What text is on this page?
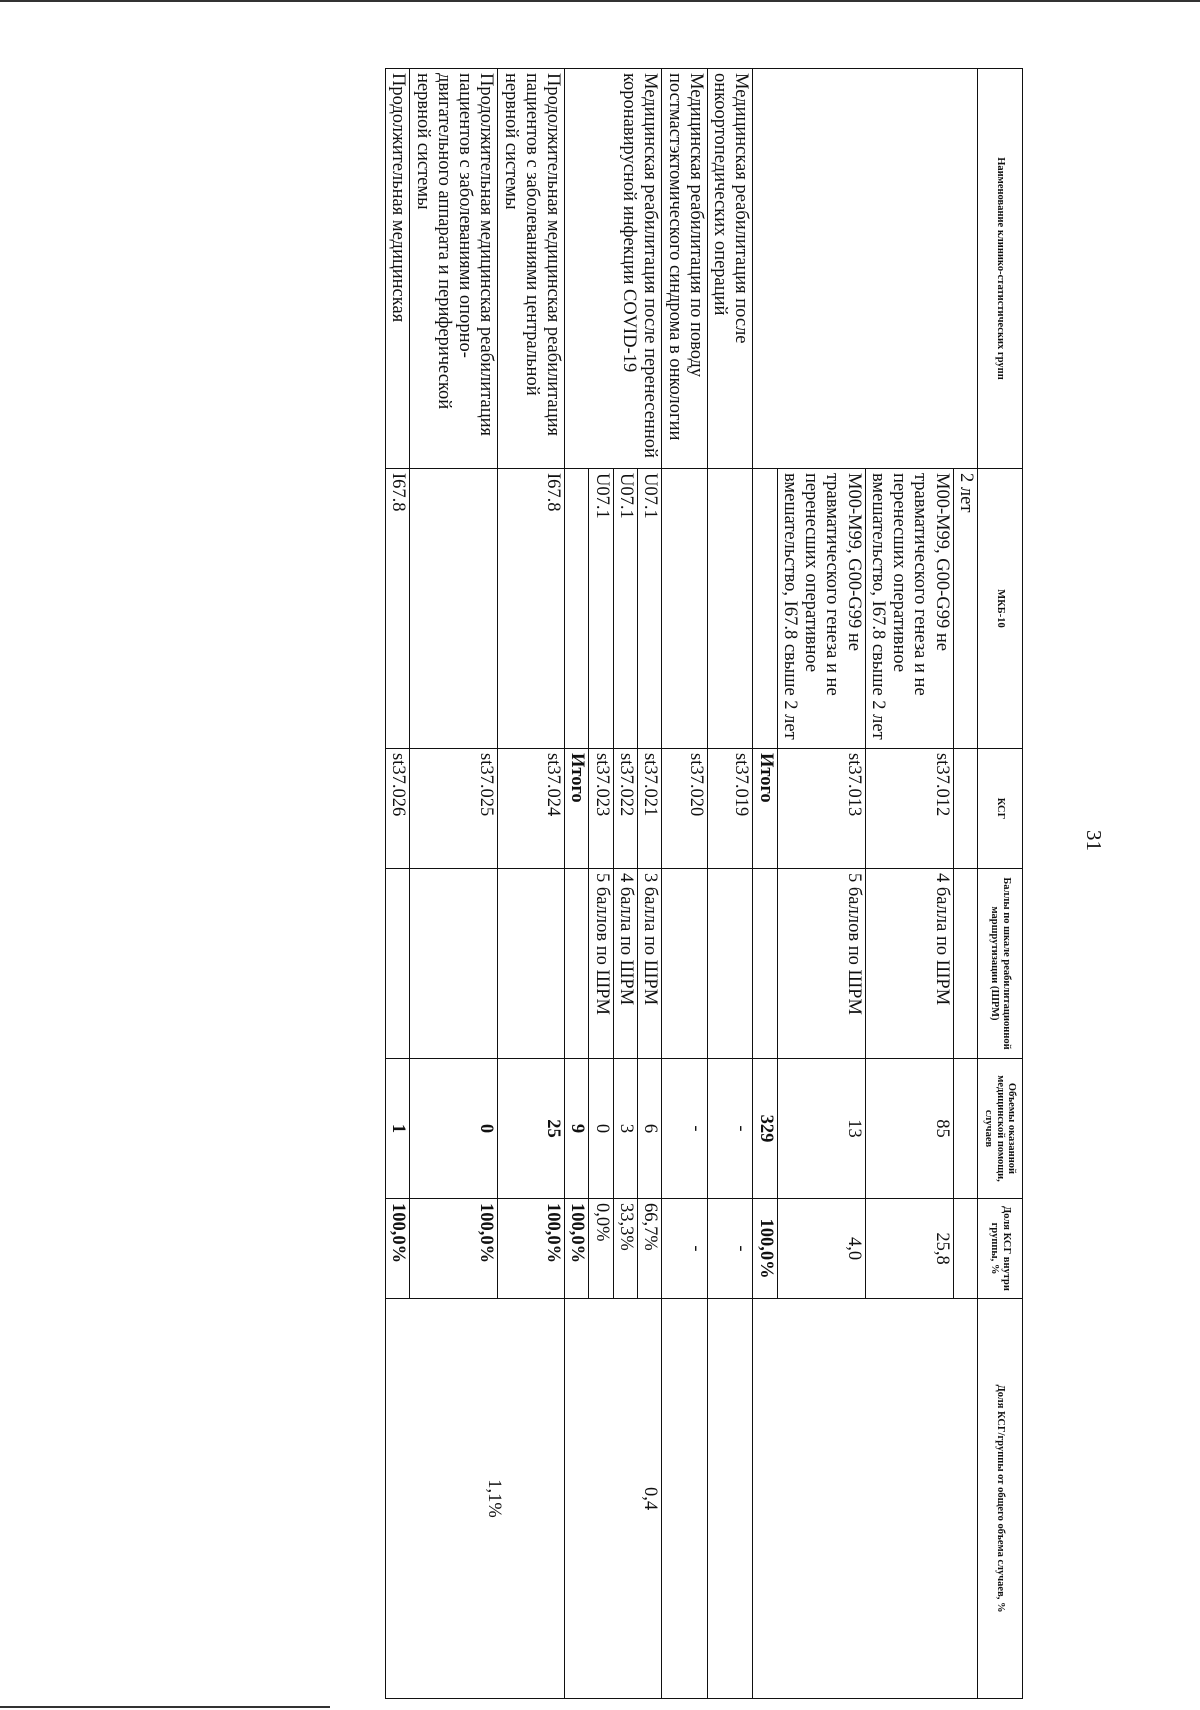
31
Наименование клинико-статистических групп	МКБ-10	КСГ	Баллы по шкале реабилитационной маршрутизации (ШРМ)	Объемы оказанной медицинской помощи, случаев	Доля КСГ внутри группы, %	Доля КСГ/группы от общего объема случаев, %
	2 лет					
	M00-M99, G00-G99 не травматического генеза и не перенесших оперативное вмешательство, I67.8 свыше 2 лет	st37.012	4 балла по ШРМ	85	25,8	
	M00-M99, G00-G99 не травматического генеза и не перенесших оперативное вмешательство, I67.8 свыше 2 лет	st37.013	5 баллов по ШРМ	13	4,0	
		Итого		329	100,0%	
Медицинская реабилитация после онкоортопедических операций		st37.019		-	-	
Медицинская реабилитация по поводу постмастэктомического синдрома в онкологии		st37.020		-	-	
Медицинская реабилитация после перенесенной коронавирусной инфекции COVID-19	U07.1	st37.021	3 балла по ШРМ	6	66,7%	0,4
	U07.1	st37.022	4 балла по ШРМ	3	33,3%	
	U07.1	st37.023	5 баллов по ШРМ	0	0,0%	
		Итого		9	100,0%	
Продолжительная медицинская реабилитация пациентов с заболеваниями центральной нервной системы	I67.8	st37.024		25	100,0%	1,1%
Продолжительная медицинская реабилитация пациентов с заболеваниями опорно-двигательного аппарата и периферической нервной системы		st37.025		0	100,0%	
Продолжительная медицинская	I67.8	st37.026		1	100,0%	
